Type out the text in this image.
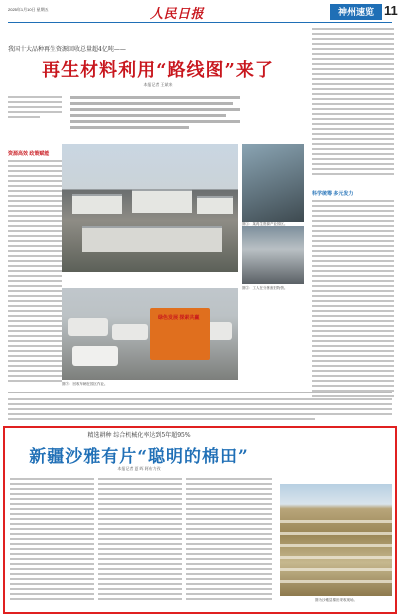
2025年1月10日 星期五	人民日报	神州速览 11
我国十大品种再生资源回收总量超4亿吨——
再生材料利用“路线图”来了
本报记者 王斌来
资源高效 政策赋能
图①：某再生资源产业园区。
图②：工人在分拣废旧物资。
图③：回收车辆在园区作业。
绿色发展 探索共赢
科学统筹 多元发力
精选耕种 综合机械化率达到5年超95%
新疆沙雅有片“聪明的棉田”
本报记者 夏 晖 阿布力孜
图为沙雅县棉田采收现场。
